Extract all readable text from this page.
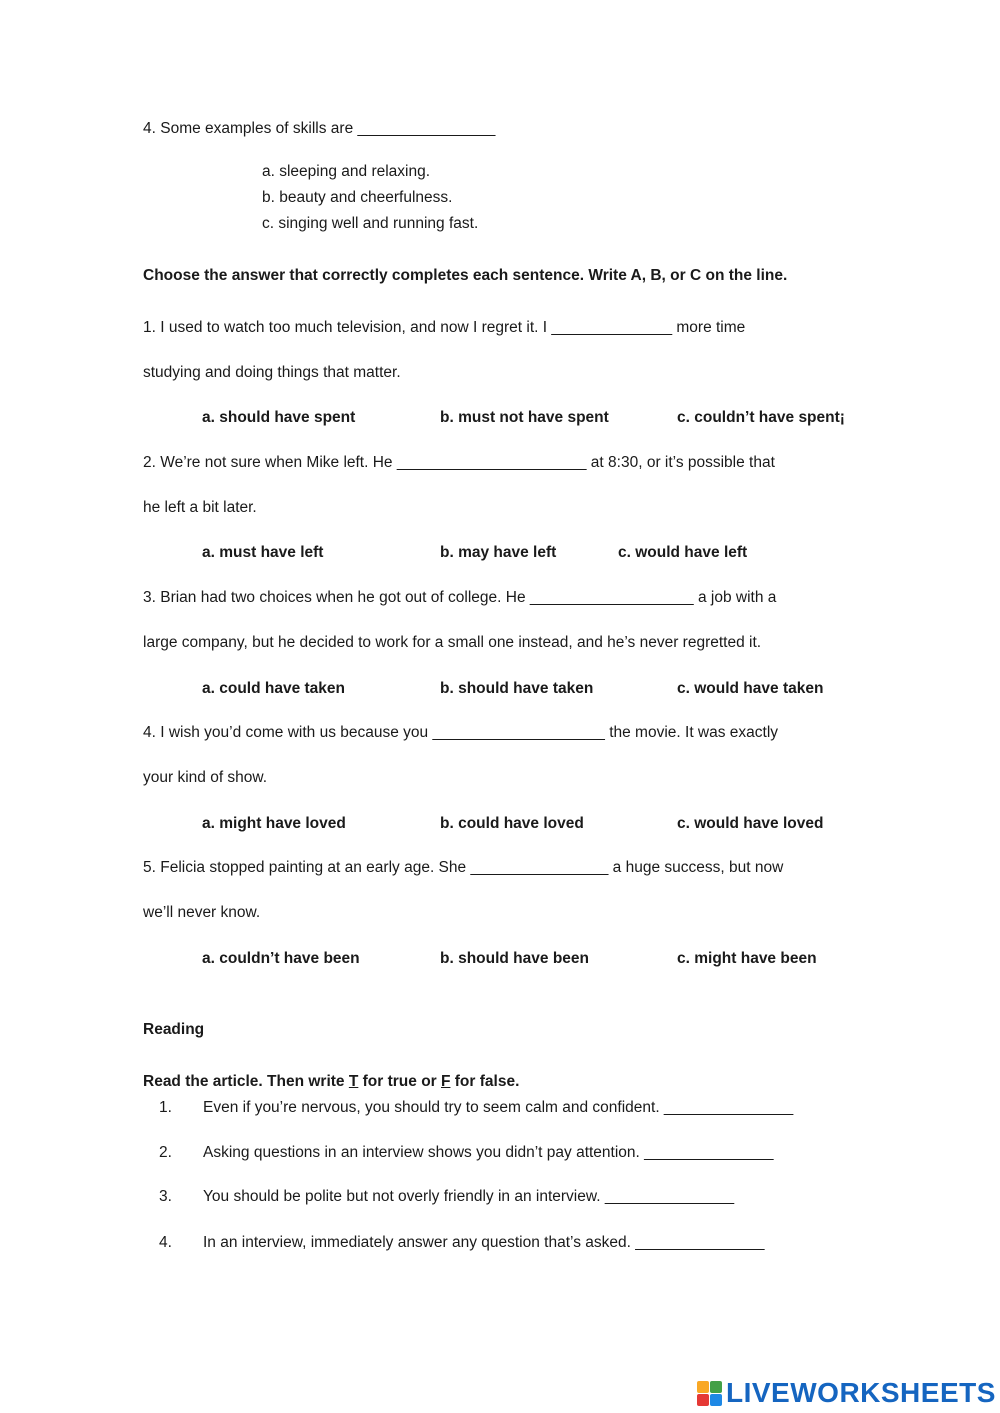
4. Some examples of skills are ________________
a. sleeping and relaxing.
b. beauty and cheerfulness.
c. singing well and running fast.
Choose the answer that correctly completes each sentence. Write A, B, or C on the line.
1. I used to watch too much television, and now I regret it. I ______________ more time
studying and doing things that matter.
a. should have spent	b. must not have spent	c. couldn’t have spent¡
2. We’re not sure when Mike left. He ______________________ at 8:30, or it’s possible that
he left a bit later.
a. must have left	b. may have left	c. would have left
3. Brian had two choices when he got out of college. He ___________________ a job with a
large company, but he decided to work for a small one instead, and he’s never regretted it.
a. could have taken	b. should have taken	c. would have taken
4. I wish you’d come with us because you ____________________ the movie. It was exactly
your kind of show.
a. might have loved	b. could have loved	c. would have loved
5. Felicia stopped painting at an early age. She ________________ a huge success, but now
we’ll never know.
a. couldn’t have been	b. should have been	c. might have been
Reading
Read the article. Then write T for true or F for false.
1. Even if you’re nervous, you should try to seem calm and confident. _______________
2. Asking questions in an interview shows you didn’t pay attention. _______________
3. You should be polite but not overly friendly in an interview. _______________
4. In an interview, immediately answer any question that’s asked. _______________
LIVEWORKSHEETS
